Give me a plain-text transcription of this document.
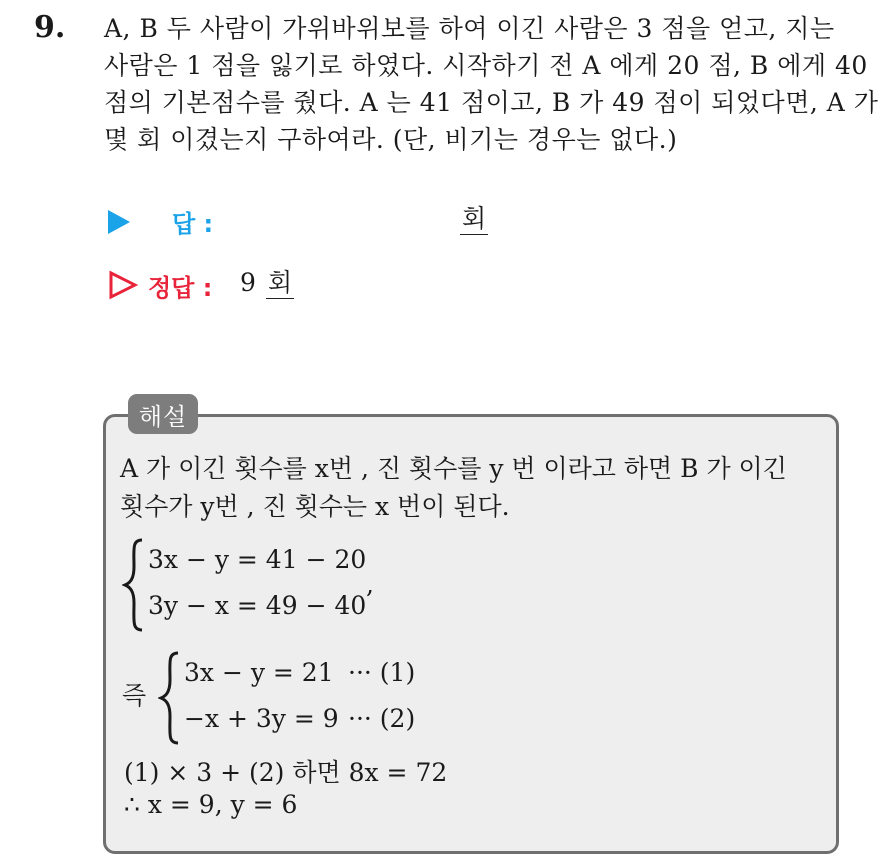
9. A, B 두 사람이 가위바위보를 하여 이긴 사람은 3 점을 얻고, 지는
사람은 1 점을 잃기로 하였다. 시작하기 전 A 에게 20 점, B 에게 40
점의 기본점수를 줬다. A 는 41 점이고, B 가 49 점이 되었다면, A 가
몇 회 이겼는지 구하여라. (단, 비기는 경우는 없다.)
답 :	회
정답 : 9 회
해설
A 가 이긴 횟수를 x번 , 진 횟수를 y 번 이라고 하면 B 가 이긴
횟수가 y번 , 진 횟수는 x 번이 된다.
3x − y = 41 − 20
3y − x = 49 − 40
,
즉
3x − y = 21
−x + 3y = 9
··· (1)
··· (2)
(1) × 3 + (2) 하면 8x = 72
∴ x = 9, y = 6
